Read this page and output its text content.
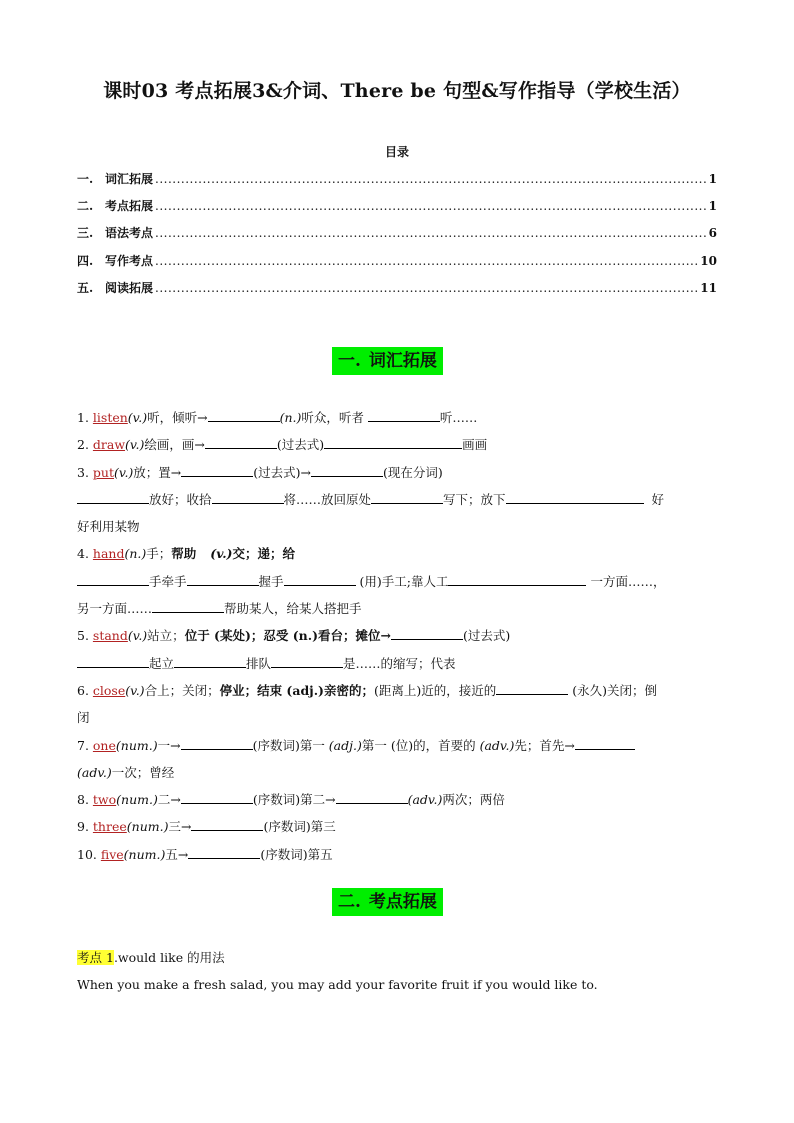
课时03 考点拓展3&介词、There be 句型&写作指导（学校生活）
目录
一. 词汇拓展 .....	1
二. 考点拓展 .....	1
三. 语法考点 .....	6
四. 写作考点 .....	10
五. 阅读拓展 .....	11
一. 词汇拓展
1. listen(v.)听，倾听→	(n.)听众，听者	听……
2. draw(v.)绘画，画→	(过去式)	画画
3. put(v.)放；置→	(过去式)→	(现在分词)
放好；收拾	将……放回原处	写下；放下	好
好利用某物
4. hand(n.)手；帮助 (v.)交；递；给
手牵手	握手	(用)手工;靠人工	一方面……，
另一方面……	帮助某人，给某人搭把手
5. stand(v.)站立；位于 (某处)；忍受 (n.)看台；摊位→	(过去式)
起立	排队	是……的缩写；代表
6. close(v.)合上；关闭；停业；结束 (adj.)亲密的；(距离上)近的，接近的	(永久)关闭；倒
闭
7. one(num.)一→	(序数词)第一 (adj.)第一 (位)的，首要的 (adv.)先；首先→
(adv.)一次；曾经
8. two(num.)二→	(序数词)第二→	(adv.)两次；两倍
9. three(num.)三→	(序数词)第三
10. five(num.)五→	(序数词)第五
二. 考点拓展
考点 1.would like 的用法
When you make a fresh salad, you may add your favorite fruit if you would like to.
